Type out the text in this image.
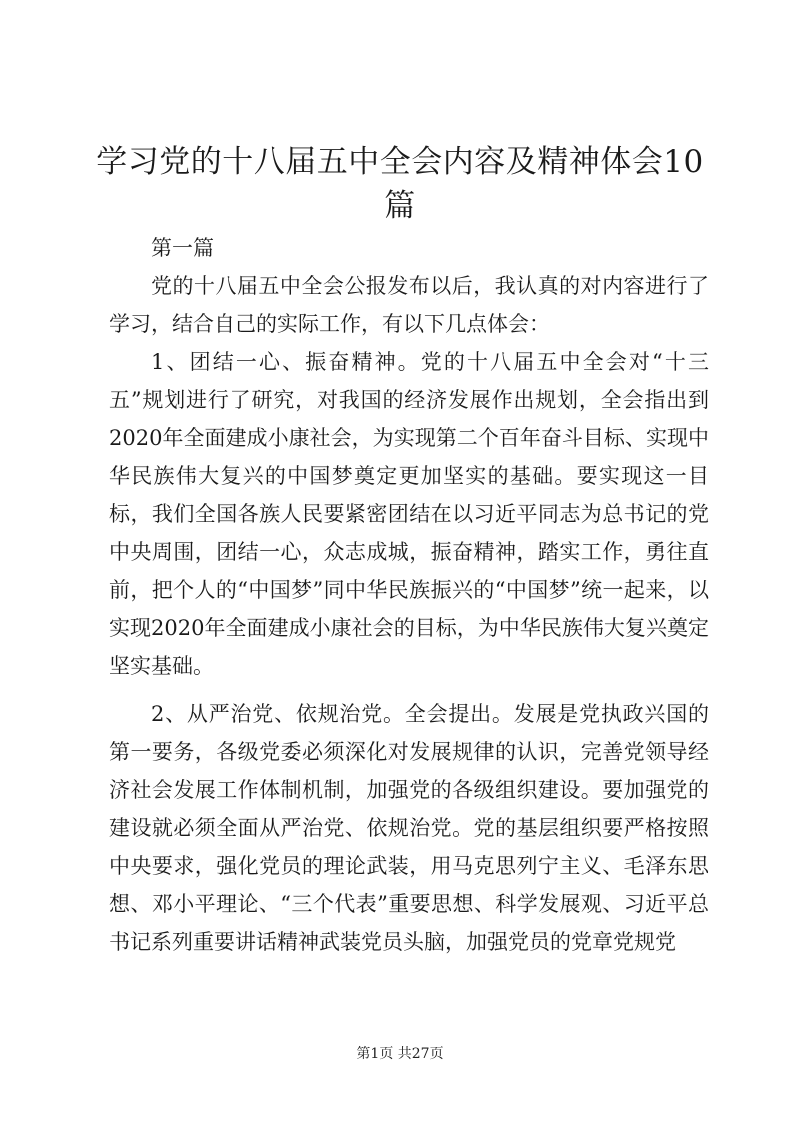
学习党的十八届五中全会内容及精神体会10
篇

第一篇

党的十八届五中全会公报发布以后，我认真的对内容进行了学习，结合自己的实际工作，有以下几点体会：

1、团结一心、振奋精神。党的十八届五中全会对“十三五”规划进行了研究，对我国的经济发展作出规划，全会指出到2020年全面建成小康社会，为实现第二个百年奋斗目标、实现中华民族伟大复兴的中国梦奠定更加坚实的基础。要实现这一目标，我们全国各族人民要紧密团结在以习近平同志为总书记的党中央周围，团结一心，众志成城，振奋精神，踏实工作，勇往直前，把个人的“中国梦”同中华民族振兴的“中国梦”统一起来，以实现2020年全面建成小康社会的目标，为中华民族伟大复兴奠定坚实基础。

2、从严治党、依规治党。全会提出。发展是党执政兴国的第一要务，各级党委必须深化对发展规律的认识，完善党领导经济社会发展工作体制机制，加强党的各级组织建设。要加强党的建设就必须全面从严治党、依规治党。党的基层组织要严格按照中央要求，强化党员的理论武装，用马克思列宁主义、毛泽东思想、邓小平理论、“三个代表”重要思想、科学发展观、习近平总书记系列重要讲话精神武装党员头脑，加强党员的党章党规党

第1页 共27页
